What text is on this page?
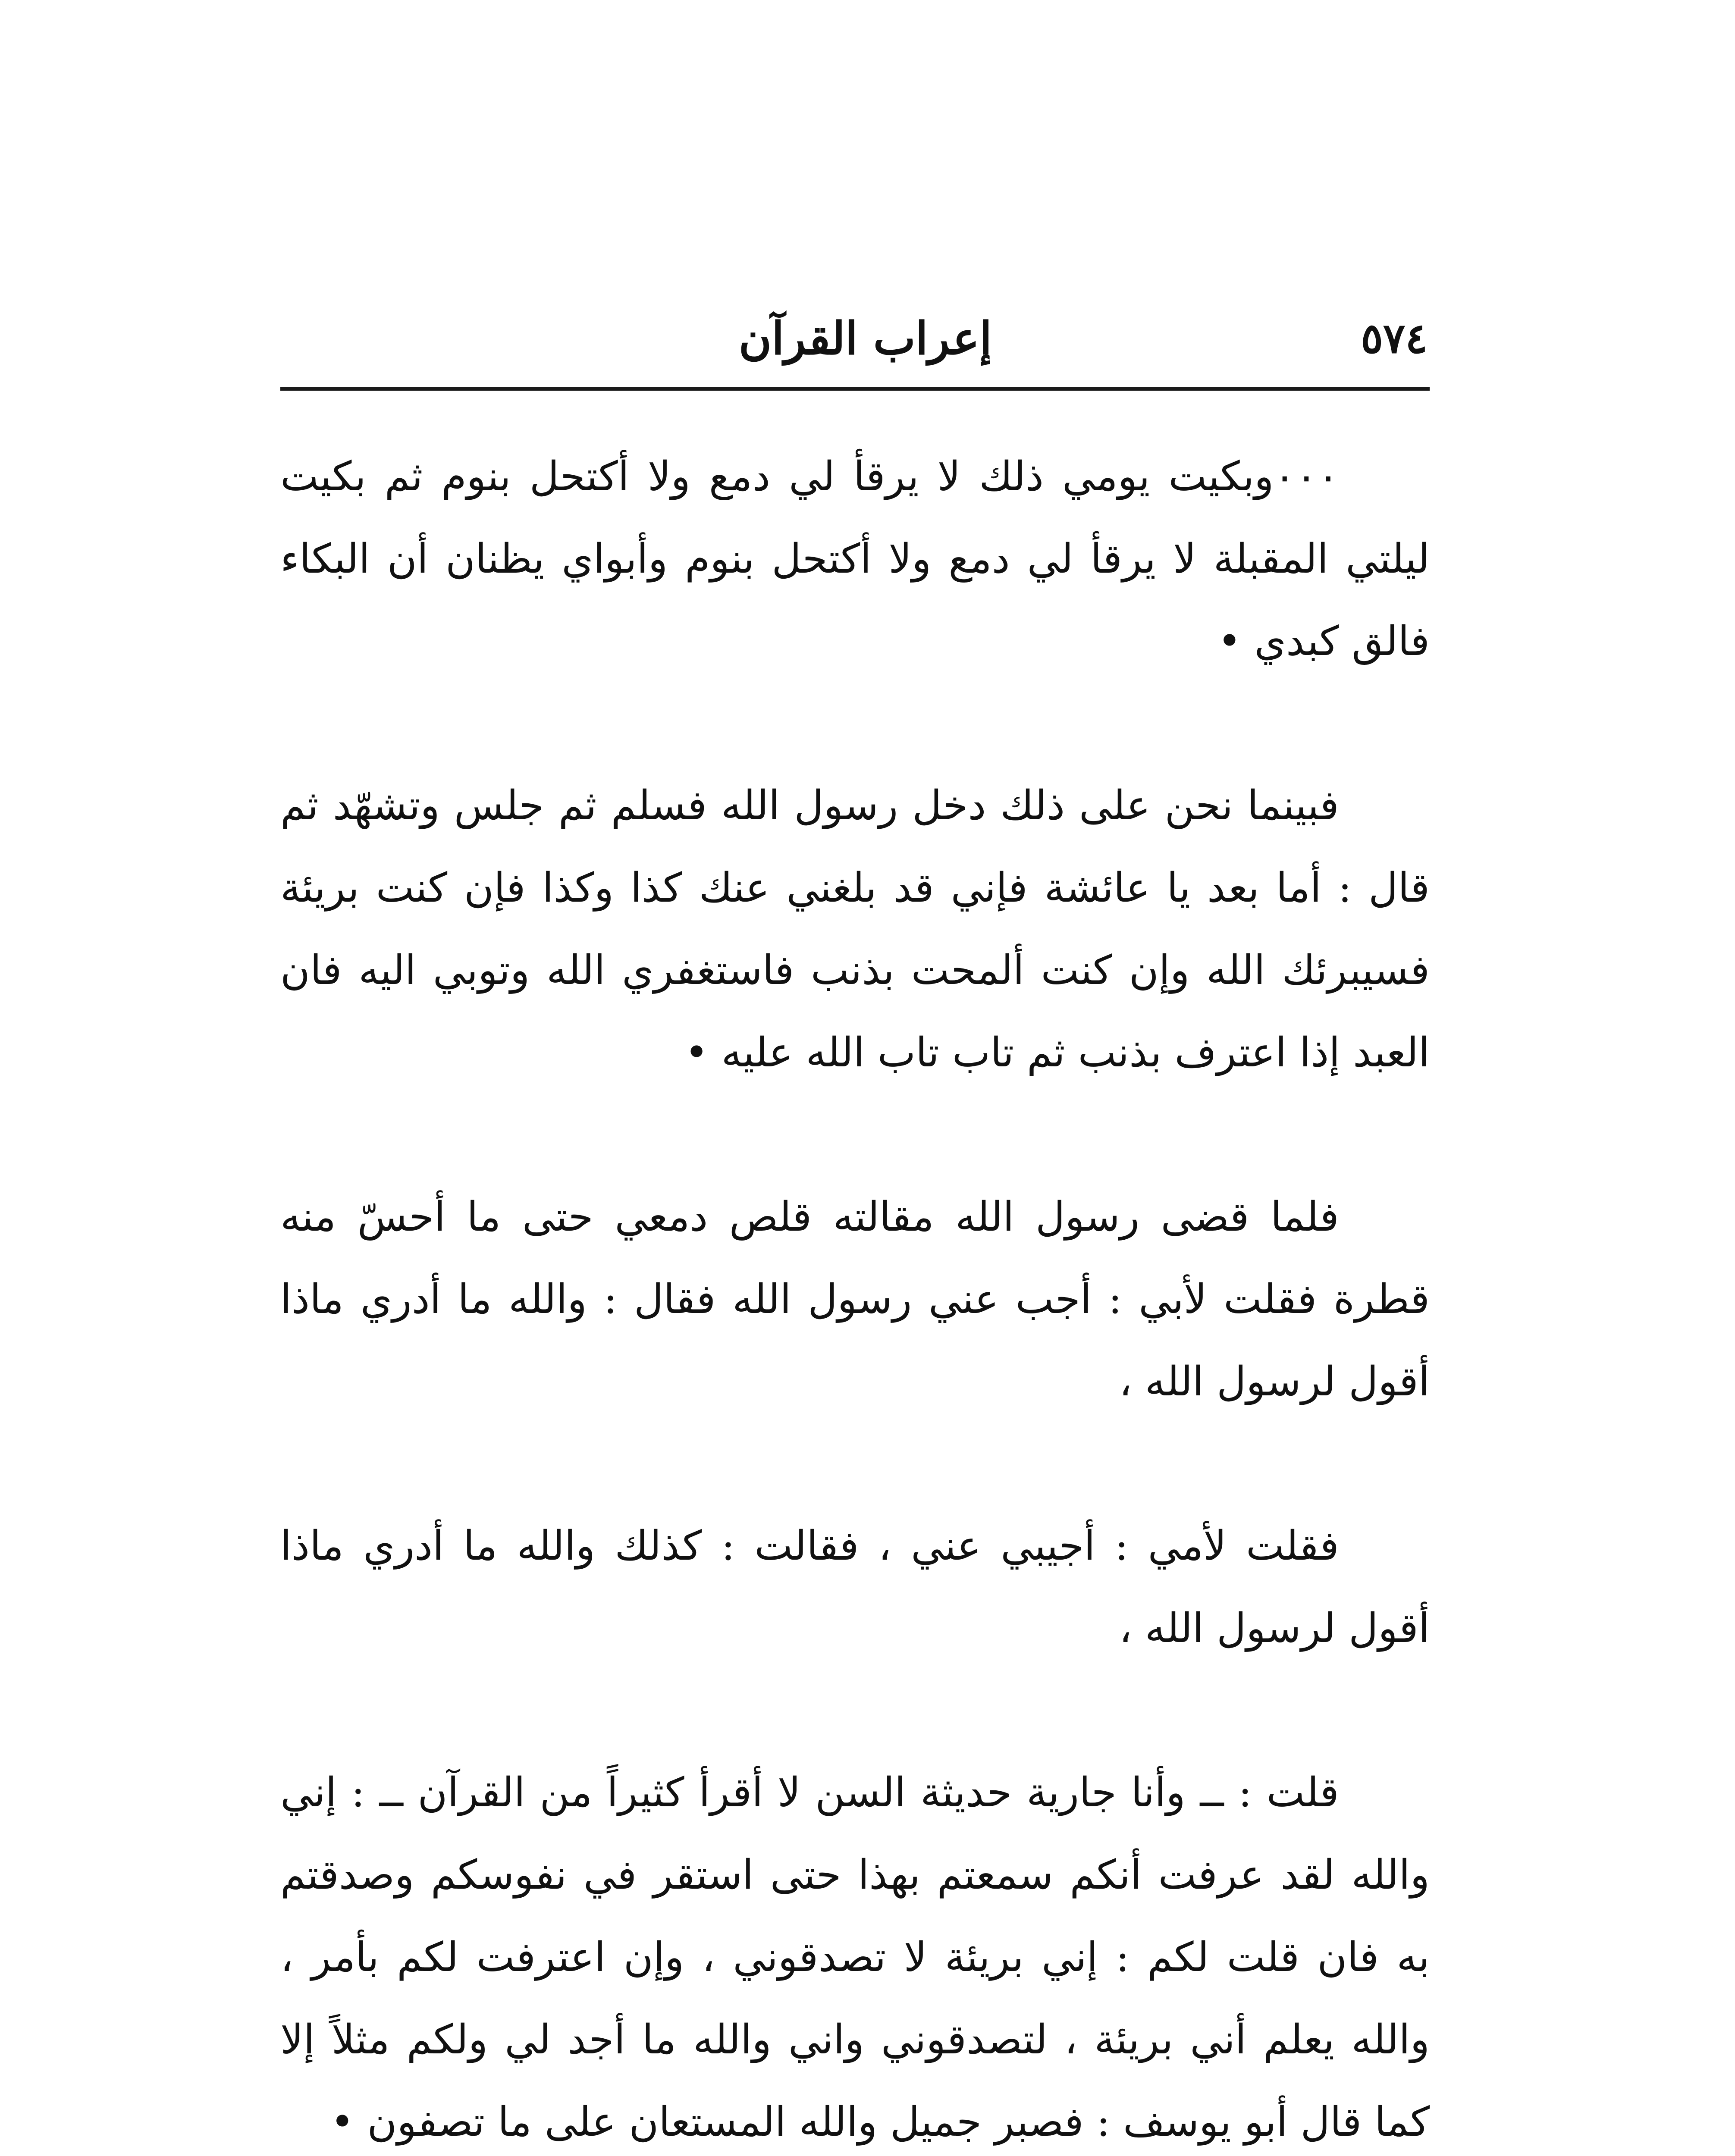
٥٧٤
إعراب القرآن

٠٠٠وبكيت يومي ذلك لا يرقأ لي دمع ولا أكتحل بنوم ثم بكيت ليلتي المقبلة لا يرقأ لي دمع ولا أكتحل بنوم وأبواي يظنان أن البكاء فالق كبدي •

فبينما نحن على ذلك دخل رسول الله فسلم ثم جلس وتشهّد ثم قال : أما بعد يا عائشة فإني قد بلغني عنك كذا وكذا فإن كنت بريئة فسيبرئك الله وإن كنت ألمحت بذنب فاستغفري الله وتوبي اليه فان العبد إذا اعترف بذنب ثم تاب تاب الله عليه •

فلما قضى رسول الله مقالته قلص دمعي حتى ما أحسّ منه قطرة فقلت لأبي : أجب عني رسول الله فقال : والله ما أدري ماذا أقول لرسول الله ،

فقلت لأمي : أجيبي عني ، فقالت : كذلك والله ما أدري ماذا أقول لرسول الله ،

قلت : ــ وأنا جارية حديثة السن لا أقرأ كثيراً من القرآن ــ : إني والله لقد عرفت أنكم سمعتم بهذا حتى استقر في نفوسكم وصدقتم به فان قلت لكم : إني بريئة لا تصدقوني ، وإن اعترفت لكم بأمر ، والله يعلم أني بريئة ، لتصدقوني واني والله ما أجد لي ولكم مثلاً إلا كما قال أبو يوسف : فصبر جميل والله المستعان على ما تصفون •
